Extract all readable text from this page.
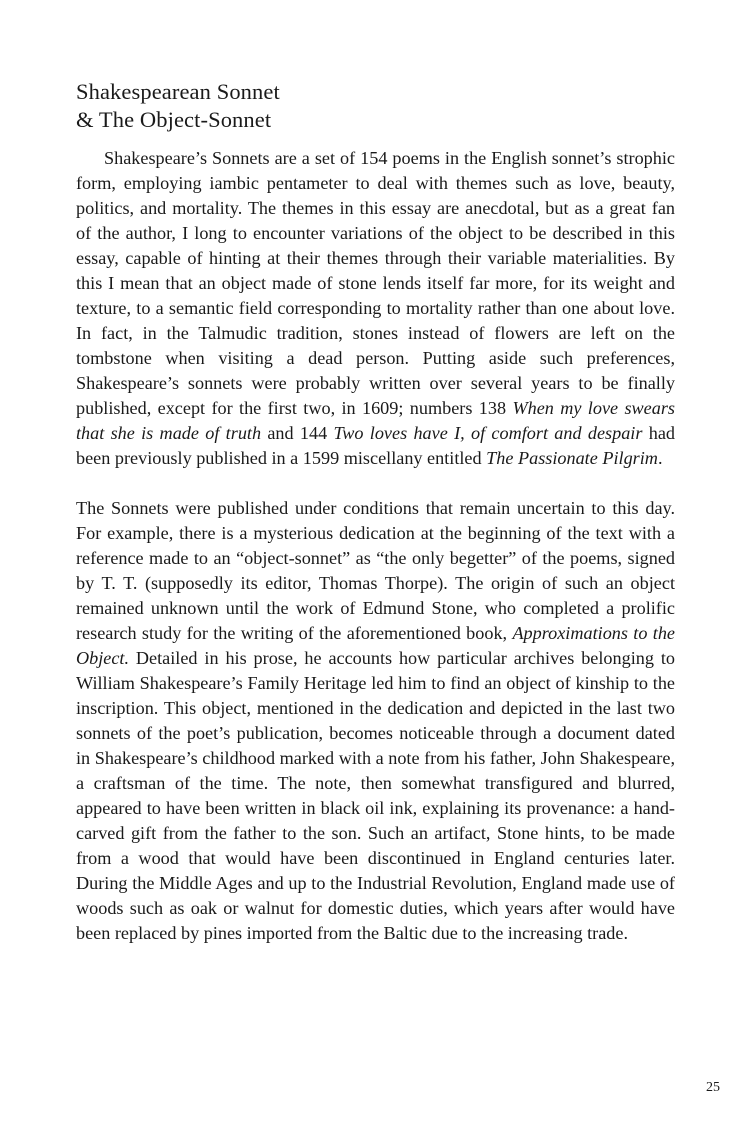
Shakespearean Sonnet
& The Object-Sonnet

Shakespeare’s Sonnets are a set of 154 poems in the English sonnet’s strophic form, employing iambic pentameter to deal with themes such as love, beauty, politics, and mortality. The themes in this essay are anecdotal, but as a great fan of the author, I long to encounter variations of the object to be described in this essay, capable of hinting at their themes through their variable materialities. By this I mean that an object made of stone lends itself far more, for its weight and texture, to a semantic field corresponding to mortality rather than one about love. In fact, in the Talmudic tradition, stones instead of flowers are left on the tombstone when visiting a dead person. Putting aside such preferences, Shakespeare’s sonnets were probably written over several years to be finally published, except for the first two, in 1609; numbers 138 When my love swears that she is made of truth and 144 Two loves have I, of comfort and despair had been previously published in a 1599 miscellany entitled The Passionate Pilgrim.

The Sonnets were published under conditions that remain uncertain to this day. For example, there is a mysterious dedication at the beginning of the text with a reference made to an “object-sonnet” as “the only begetter” of the poems, signed by T. T. (supposedly its editor, Thomas Thorpe). The origin of such an object remained unknown until the work of Edmund Stone, who completed a prolific research study for the writing of the aforementioned book, Approximations to the Object. Detailed in his prose, he accounts how particular archives belonging to William Shakespeare’s Family Heritage led him to find an object of kinship to the inscription. This object, mentioned in the dedication and depicted in the last two sonnets of the poet’s publication, becomes noticeable through a document dated in Shakespeare’s childhood marked with a note from his father, John Shakespeare, a craftsman of the time. The note, then somewhat transfigured and blurred, appeared to have been written in black oil ink, explaining its provenance: a hand-carved gift from the father to the son. Such an artifact, Stone hints, to be made from a wood that would have been discontinued in England centuries later. During the Middle Ages and up to the Industrial Revolution, England made use of woods such as oak or walnut for domestic duties, which years after would have been replaced by pines imported from the Baltic due to the increasing trade.

25
